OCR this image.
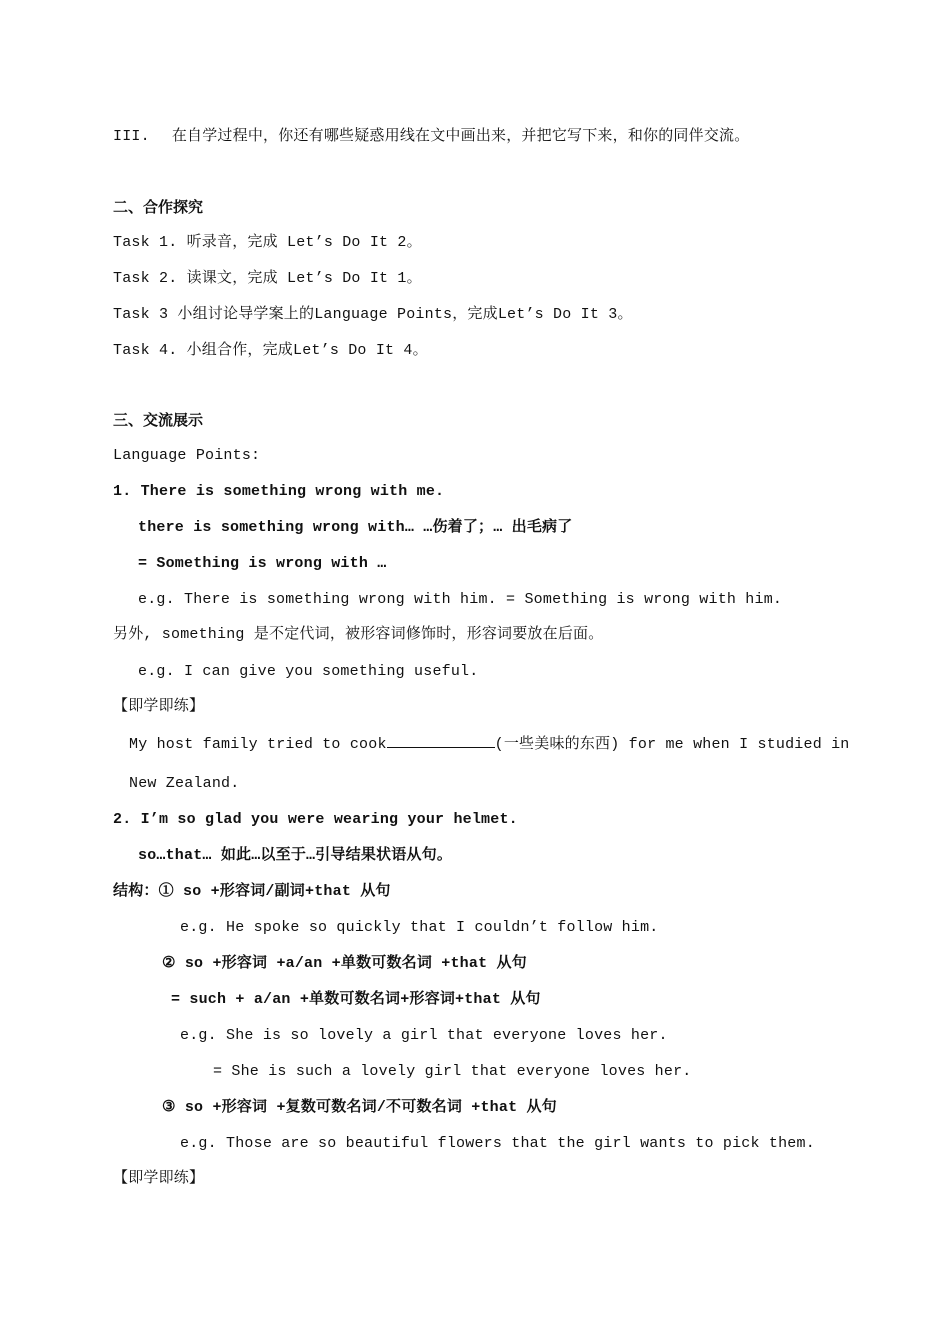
III. 在自学过程中，你还有哪些疑惑用线在文中画出来，并把它写下来，和你的同伴交流。
二、合作探究
Task 1. 听录音，完成 Let’s Do It 2。
Task 2. 读课文，完成 Let’s Do It 1。
Task 3 小组讨论导学案上的Language Points，完成Let’s Do It 3。
Task 4. 小组合作，完成Let’s Do It 4。
三、交流展示
Language Points:
1. There is something wrong with me.
there is something wrong with… …伤着了；… 出毛病了
= Something is wrong with …
e.g. There is something wrong with him. = Something is wrong with him.
另外, something 是不定代词，被形容词修饰时，形容词要放在后面。
e.g. I can give you something useful.
【即学即练】
My host family tried to cook	(一些美味的东西) for me when I studied in
New Zealand.
2. I’m so glad you were wearing your helmet.
so…that… 如此…以至于…引导结果状语从句。
结构：① so +形容词/副词+that 从句
e.g. He spoke so quickly that I couldn’t follow him.
② so +形容词 +a/an +单数可数名词 +that 从句
= such + a/an +单数可数名词+形容词+that 从句
e.g. She is so lovely a girl that everyone loves her.
= She is such a lovely girl that everyone loves her.
③ so +形容词 +复数可数名词/不可数名词 +that 从句
e.g. Those are so beautiful flowers that the girl wants to pick them.
【即学即练】
